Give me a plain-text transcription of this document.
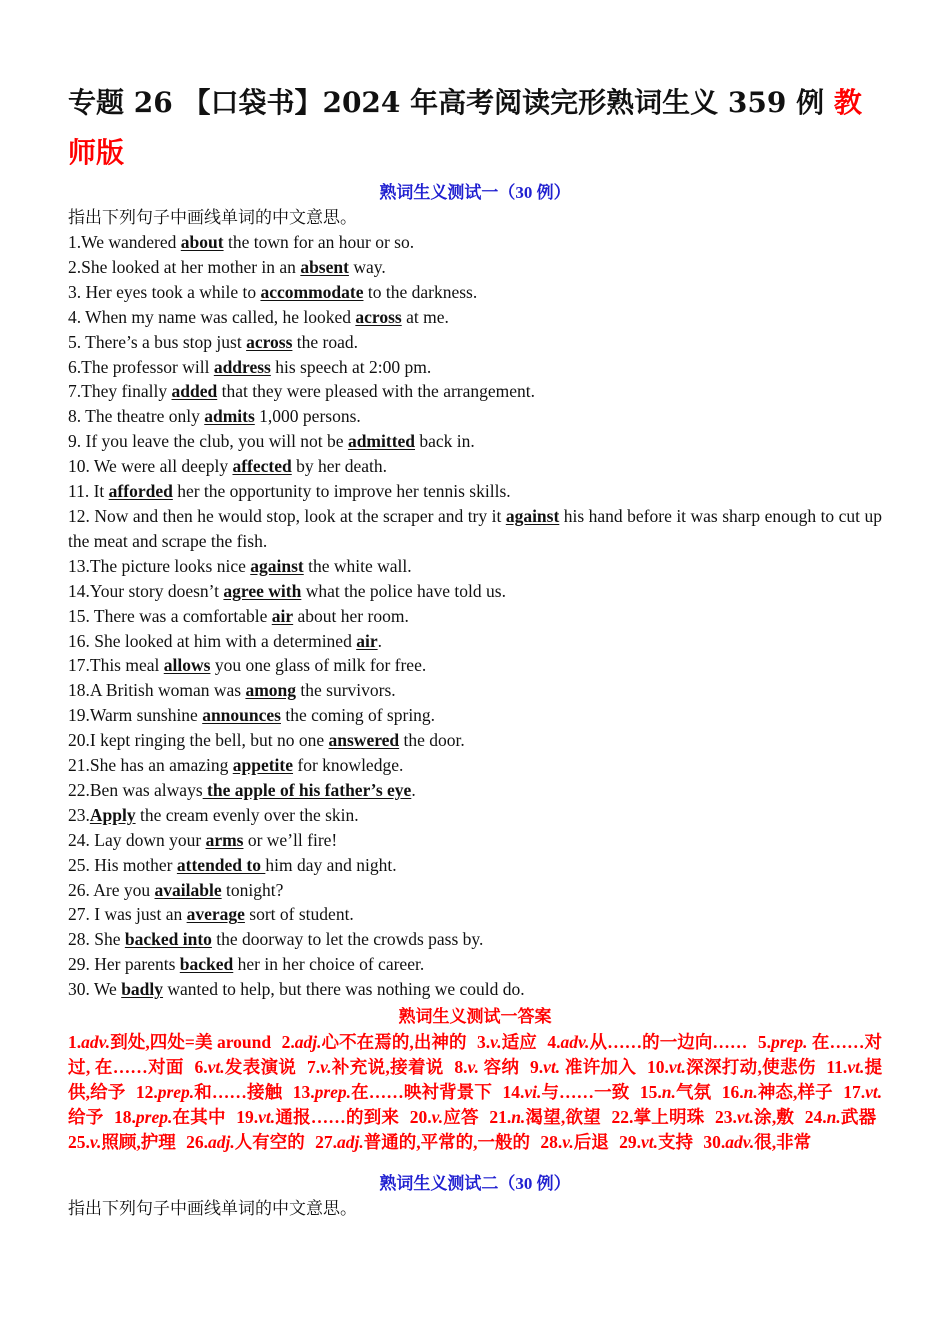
专题 26 【口袋书】2024 年高考阅读完形熟词生义 359 例 教师版
熟词生义测试一（30 例）
指出下列句子中画线单词的中文意思。
1.We wandered about the town for an hour or so.
2.She looked at her mother in an absent way.
3. Her eyes took a while to accommodate to the darkness.
4. When my name was called, he looked across at me.
5. There’s a bus stop just across the road.
6.The professor will address his speech at 2:00 pm.
7.They finally added that they were pleased with the arrangement.
8. The theatre only admits 1,000 persons.
9. If you leave the club, you will not be admitted back in.
10. We were all deeply affected by her death.
11. It afforded her the opportunity to improve her tennis skills.
12. Now and then he would stop, look at the scraper and try it against his hand before it was sharp enough to cut up the meat and scrape the fish.
13.The picture looks nice against the white wall.
14.Your story doesn’t agree with what the police have told us.
15. There was a comfortable air about her room.
16. She looked at him with a determined air.
17.This meal allows you one glass of milk for free.
18.A British woman was among the survivors.
19.Warm sunshine announces the coming of spring.
20.I kept ringing the bell, but no one answered the door.
21.She has an amazing appetite for knowledge.
22.Ben was always the apple of his father’s eye.
23.Apply the cream evenly over the skin.
24. Lay down your arms or we’ll fire!
25. His mother attended to him day and night.
26. Are you available tonight?
27. I was just an average sort of student.
28. She backed into the doorway to let the crowds pass by.
29. Her parents backed her in her choice of career.
30. We badly wanted to help, but there was nothing we could do.
熟词生义测试一答案
1.adv.到处,四处=美 around 2.adj.心不在焉的,出神的 3.v.适应 4.adv.从……的一边向…… 5.prep. 在……对过, 在……对面 6.vt.发表演说 7.v.补充说,接着说 8.v. 容纳 9.vt. 准许加入 10.vt.深深打动,使悲伤 11.vt.提供,给予 12.prep.和……接触 13.prep.在……映衬背景下 14.vi.与……一致 15.n.气氛 16.n.神态,样子 17.vt.给予 18.prep.在其中 19.vt.通报……的到来 20.v.应答 21.n.渴望,欲望 22.掌上明珠 23.vt.涂,敷 24.n.武器 25.v.照顾,护理 26.adj.人有空的 27.adj.普通的,平常的,一般的 28.v.后退 29.vt.支持 30.adv.很,非常
熟词生义测试二（30 例）
指出下列句子中画线单词的中文意思。
